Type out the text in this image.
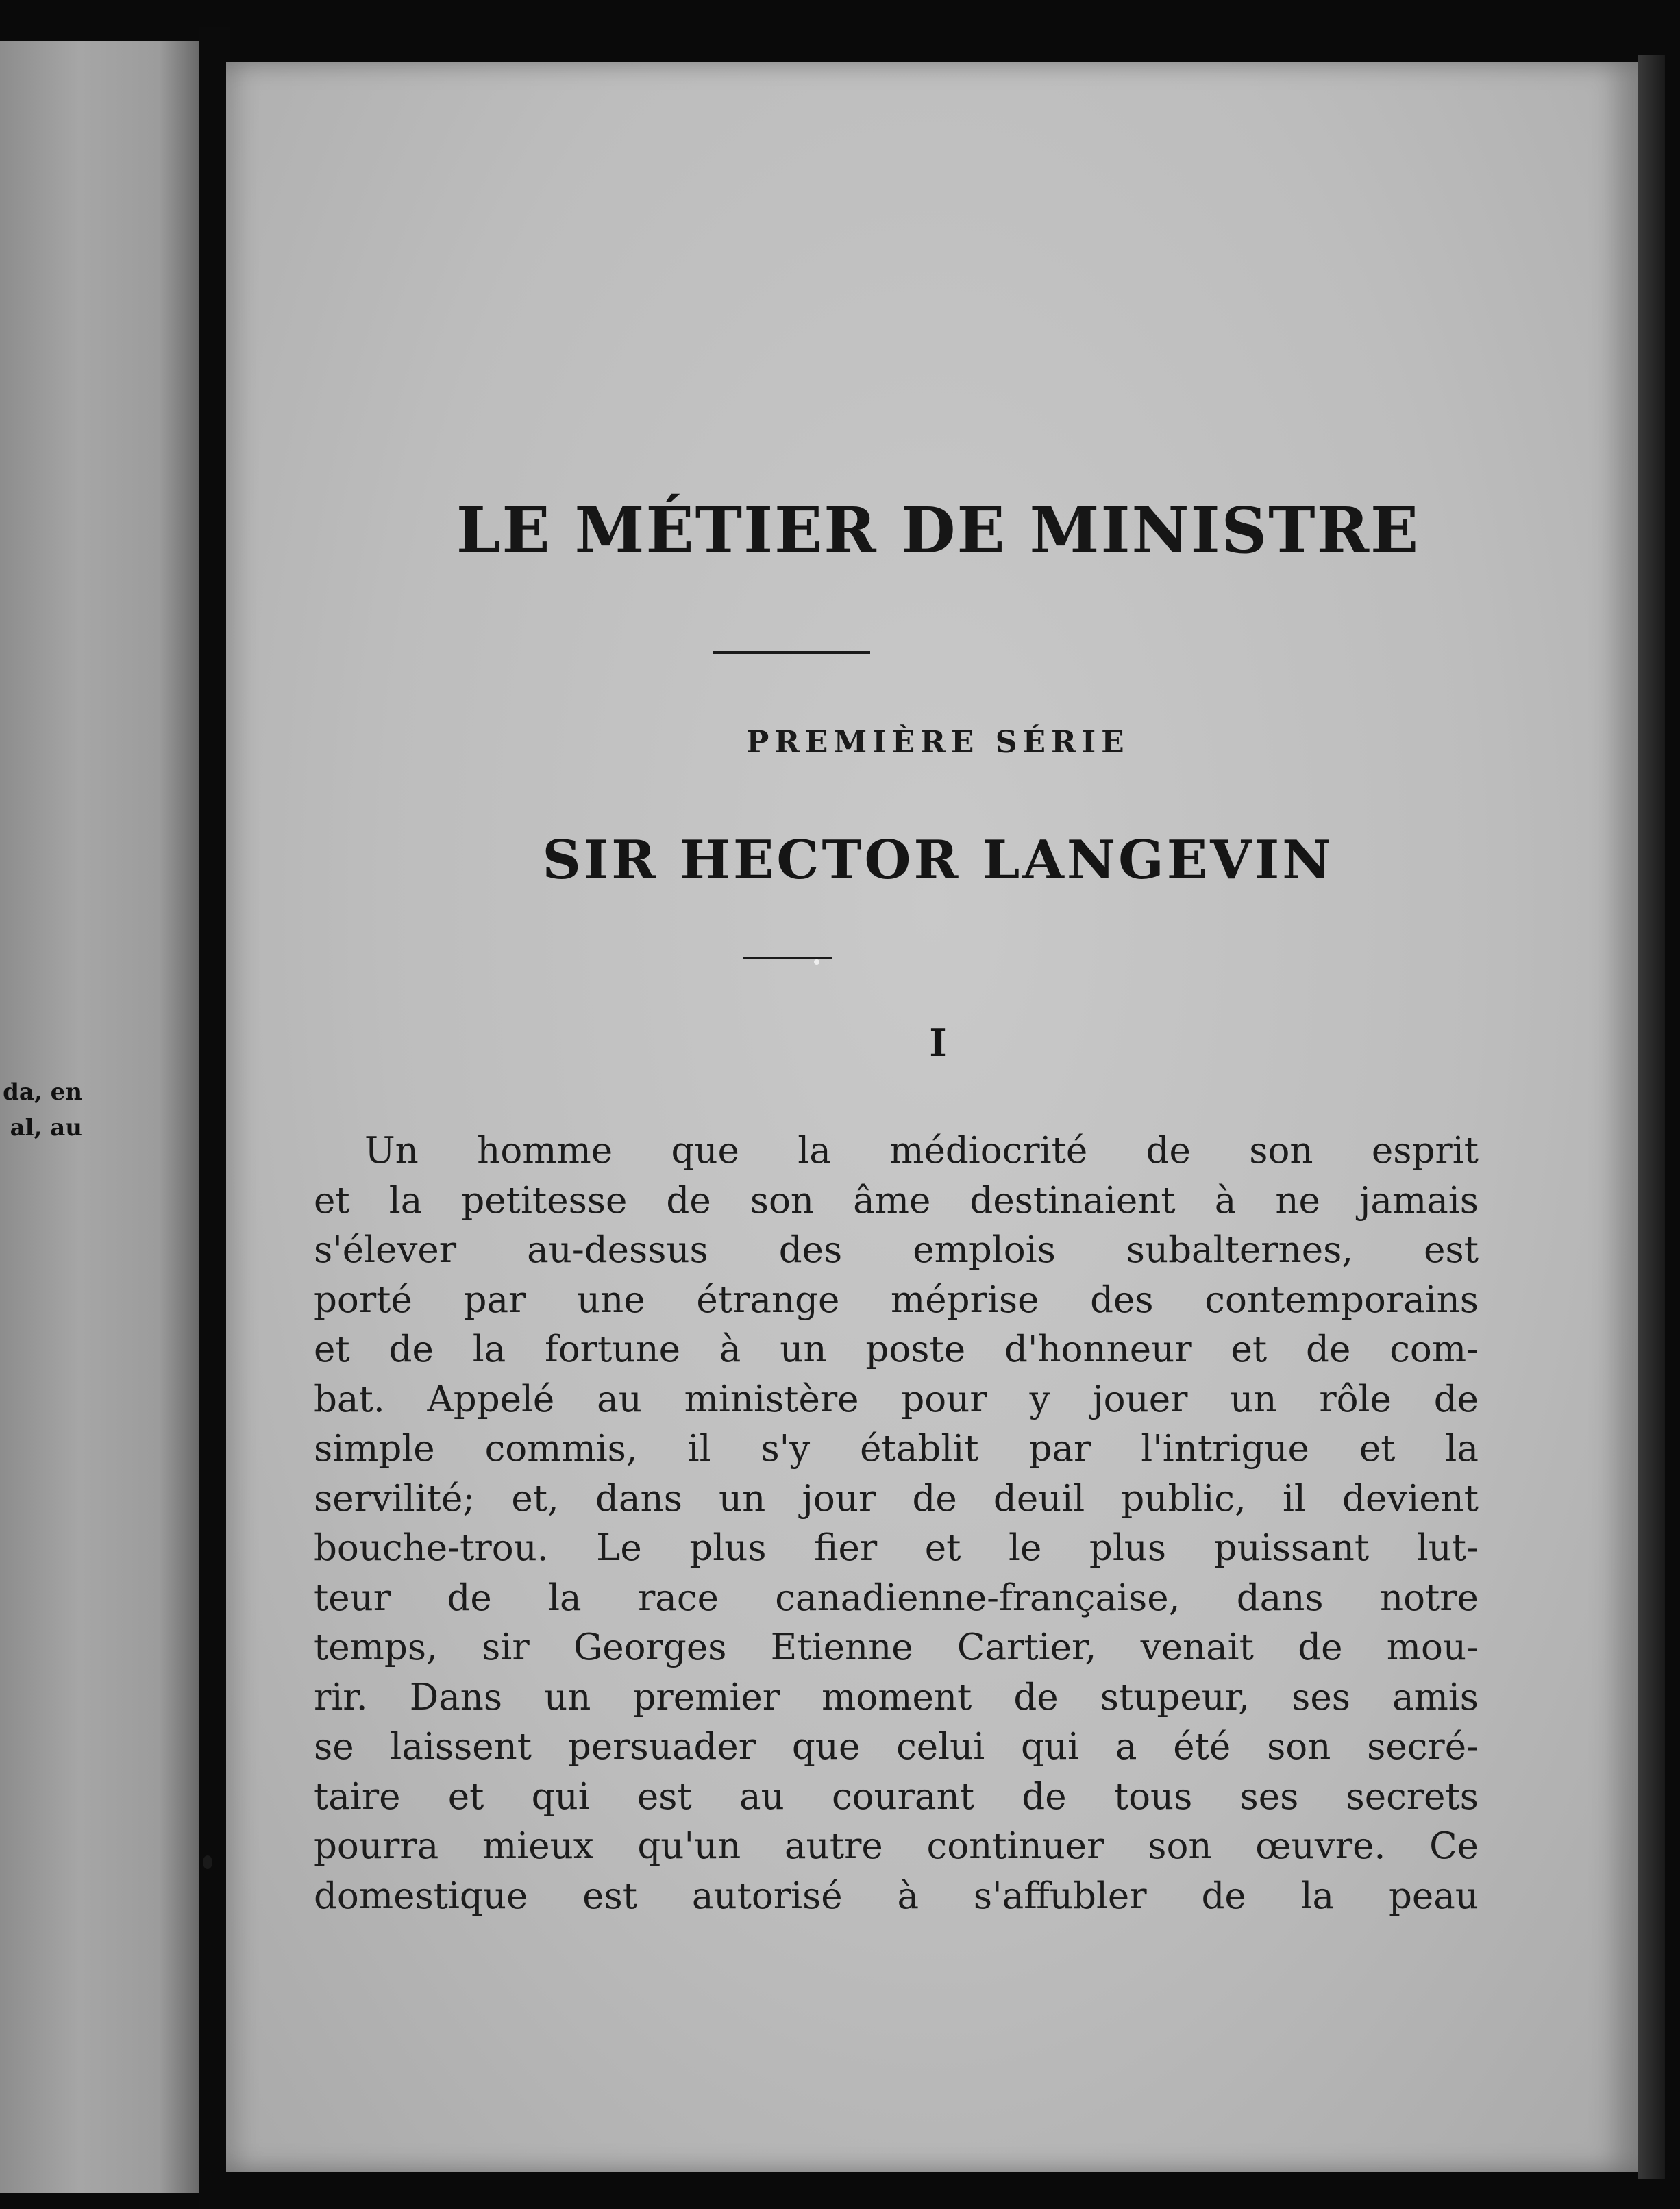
da, en
al, au
LE MÉTIER DE MINISTRE
PREMIÈRE SÉRIE
SIR HECTOR LANGEVIN
I
Un homme que la médiocrité de son esprit
et la petitesse de son âme destinaient à ne jamais
s'élever au-dessus des emplois subalternes, est
porté par une étrange méprise des contemporains
et de la fortune à un poste d'honneur et de com-
bat. Appelé au ministère pour y jouer un rôle de
simple commis, il s'y établit par l'intrigue et la
servilité; et, dans un jour de deuil public, il devient
bouche-trou. Le plus fier et le plus puissant lut-
teur de la race canadienne-française, dans notre
temps, sir Georges Etienne Cartier, venait de mou-
rir. Dans un premier moment de stupeur, ses amis
se laissent persuader que celui qui a été son secré-
taire et qui est au courant de tous ses secrets
pourra mieux qu'un autre continuer son œuvre. Ce
domestique est autorisé à s'affubler de la peau
